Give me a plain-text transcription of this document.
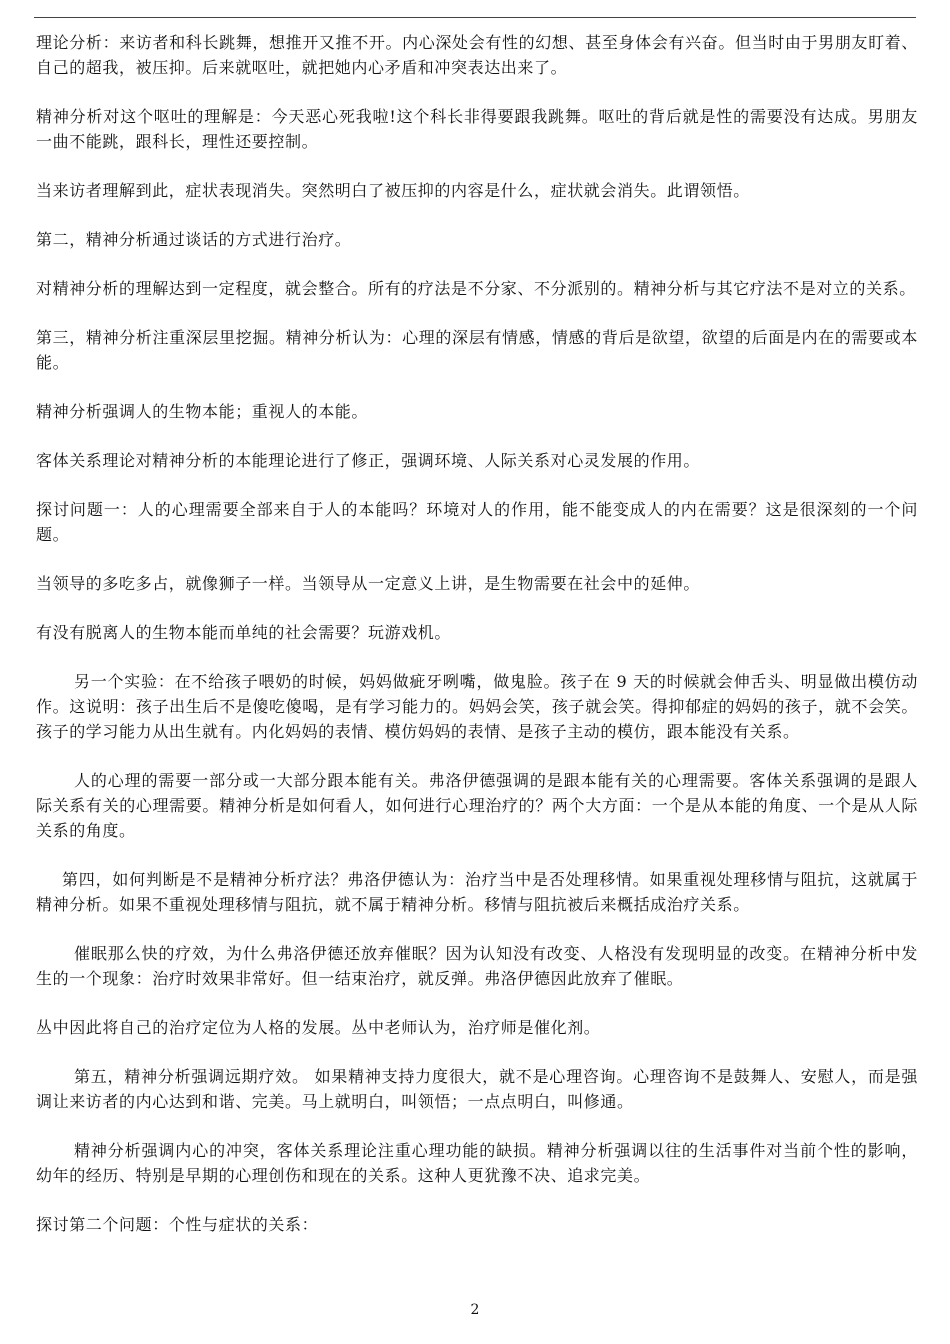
理论分析：来访者和科长跳舞，想推开又推不开。内心深处会有性的幻想、甚至身体会有兴奋。但当时由于男朋友盯着、自己的超我，被压抑。后来就呕吐，就把她内心矛盾和冲突表达出来了。

精神分析对这个呕吐的理解是：今天恶心死我啦!这个科长非得要跟我跳舞。呕吐的背后就是性的需要没有达成。男朋友一曲不能跳，跟科长，理性还要控制。

当来访者理解到此，症状表现消失。突然明白了被压抑的内容是什么，症状就会消失。此谓领悟。

第二，精神分析通过谈话的方式进行治疗。

对精神分析的理解达到一定程度，就会整合。所有的疗法是不分家、不分派别的。精神分析与其它疗法不是对立的关系。

第三，精神分析注重深层里挖掘。精神分析认为：心理的深层有情感，情感的背后是欲望，欲望的后面是内在的需要或本能。

精神分析强调人的生物本能；重视人的本能。

客体关系理论对精神分析的本能理论进行了修正，强调环境、人际关系对心灵发展的作用。

探讨问题一：人的心理需要全部来自于人的本能吗？环境对人的作用，能不能变成人的内在需要？这是很深刻的一个问题。

当领导的多吃多占，就像狮子一样。当领导从一定意义上讲，是生物需要在社会中的延伸。

有没有脱离人的生物本能而单纯的社会需要？玩游戏机。

另一个实验：在不给孩子喂奶的时候，妈妈做疵牙咧嘴，做鬼脸。孩子在 9 天的时候就会伸舌头、明显做出模仿动作。这说明：孩子出生后不是傻吃傻喝，是有学习能力的。妈妈会笑，孩子就会笑。得抑郁症的妈妈的孩子，就不会笑。孩子的学习能力从出生就有。内化妈妈的表情、模仿妈妈的表情、是孩子主动的模仿，跟本能没有关系。

人的心理的需要一部分或一大部分跟本能有关。弗洛伊德强调的是跟本能有关的心理需要。客体关系强调的是跟人际关系有关的心理需要。精神分析是如何看人，如何进行心理治疗的？两个大方面：一个是从本能的角度、一个是从人际关系的角度。

第四，如何判断是不是精神分析疗法？弗洛伊德认为：治疗当中是否处理移情。如果重视处理移情与阻抗，这就属于精神分析。如果不重视处理移情与阻抗，就不属于精神分析。移情与阻抗被后来概括成治疗关系。

催眠那么快的疗效，为什么弗洛伊德还放弃催眠？因为认知没有改变、人格没有发现明显的改变。在精神分析中发生的一个现象：治疗时效果非常好。但一结束治疗，就反弹。弗洛伊德因此放弃了催眠。

丛中因此将自己的治疗定位为人格的发展。丛中老师认为，治疗师是催化剂。

第五，精神分析强调远期疗效。 如果精神支持力度很大，就不是心理咨询。心理咨询不是鼓舞人、安慰人，而是强调让来访者的内心达到和谐、完美。马上就明白，叫领悟；一点点明白，叫修通。

精神分析强调内心的冲突，客体关系理论注重心理功能的缺损。精神分析强调以往的生活事件对当前个性的影响，幼年的经历、特别是早期的心理创伤和现在的关系。这种人更犹豫不决、追求完美。

探讨第二个问题：个性与症状的关系：

2
